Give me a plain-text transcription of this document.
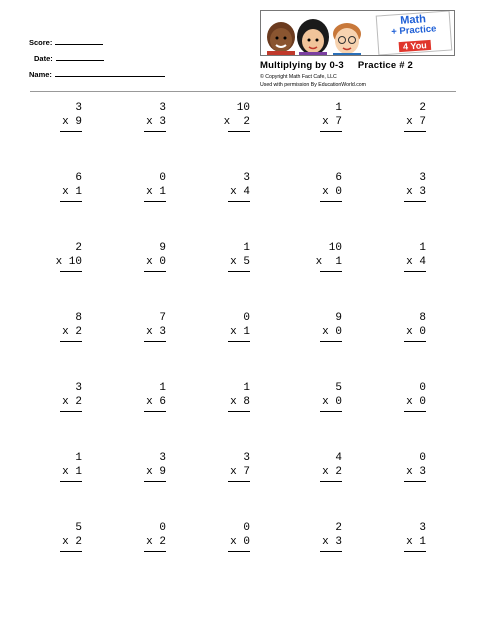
Score:
Date:
Name:
Math
+ Practice
4 You
Multiplying by 0-3 Practice # 2
© Copyright Math Fact Cafe, LLC
Used with permission By EducationWorld.com
3
x 9
3
x 3
10
x  2
1
x 7
2
x 7
6
x 1
0
x 1
3
x 4
6
x 0
3
x 3
2
x 10
9
x 0
1
x 5
10
x  1
1
x 4
8
x 2
7
x 3
0
x 1
9
x 0
8
x 0
3
x 2
1
x 6
1
x 8
5
x 0
0
x 0
1
x 1
3
x 9
3
x 7
4
x 2
0
x 3
5
x 2
0
x 2
0
x 0
2
x 3
3
x 1
